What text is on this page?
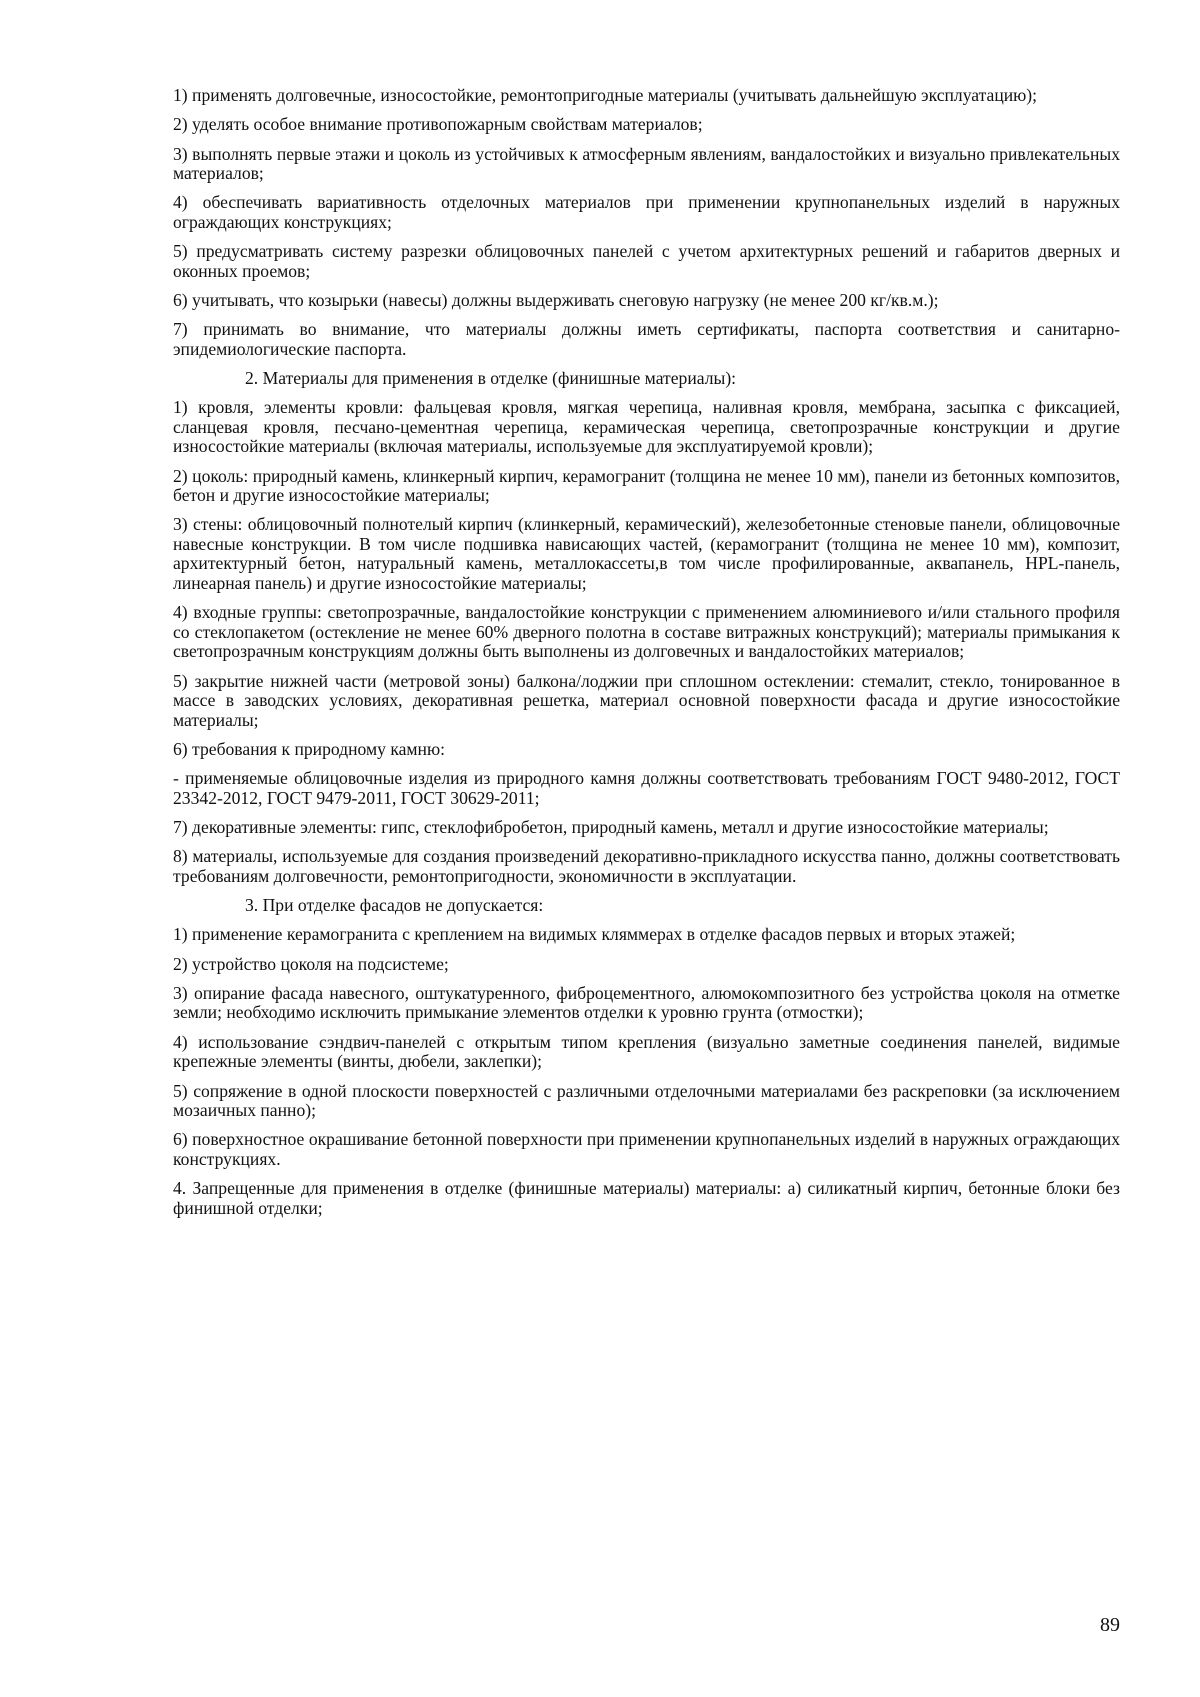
1) применять долговечные, износостойкие, ремонтопригодные материалы (учитывать дальнейшую эксплуатацию);

2) уделять особое внимание противопожарным свойствам материалов;

3) выполнять первые этажи и цоколь из устойчивых к атмосферным явлениям, вандалостойких и визуально привлекательных материалов;

4) обеспечивать вариативность отделочных материалов при применении крупнопанельных изделий в наружных ограждающих конструкциях;

5) предусматривать систему разрезки облицовочных панелей с учетом архитектурных решений и габаритов дверных и оконных проемов;

6) учитывать, что козырьки (навесы) должны выдерживать снеговую нагрузку (не менее 200 кг/кв.м.);

7) принимать во внимание, что материалы должны иметь сертификаты, паспорта соответствия и санитарно-эпидемиологические паспорта.

2. Материалы для применения в отделке (финишные материалы):

1) кровля, элементы кровли: фальцевая кровля, мягкая черепица, наливная кровля, мембрана, засыпка с фиксацией, сланцевая кровля, песчано-цементная черепица, керамическая черепица, светопрозрачные конструкции и другие износостойкие материалы (включая материалы, используемые для эксплуатируемой кровли);

2) цоколь: природный камень, клинкерный кирпич, керамогранит (толщина не менее 10 мм), панели из бетонных композитов, бетон и другие износостойкие материалы;

3) стены: облицовочный полнотелый кирпич (клинкерный, керамический), железобетонные стеновые панели, облицовочные навесные конструкции. В том числе подшивка нависающих частей, (керамогранит (толщина не менее 10 мм), композит, архитектурный бетон, натуральный камень, металлокассеты,в том числе профилированные, аквапанель, HPL-панель, линеарная панель) и другие износостойкие материалы;

4) входные группы: светопрозрачные, вандалостойкие конструкции с применением алюминиевого и/или стального профиля со стеклопакетом (остекление не менее 60% дверного полотна в составе витражных конструкций); материалы примыкания к светопрозрачным конструкциям должны быть выполнены из долговечных и вандалостойких материалов;

5) закрытие нижней части (метровой зоны) балкона/лоджии при сплошном остеклении: стемалит, стекло, тонированное в массе в заводских условиях, декоративная решетка, материал основной поверхности фасада и другие износостойкие материалы;

6) требования к природному камню:

- применяемые облицовочные изделия из природного камня должны соответствовать требованиям ГОСТ 9480-2012, ГОСТ 23342-2012, ГОСТ 9479-2011, ГОСТ 30629-2011;

7) декоративные элементы: гипс, стеклофибробетон, природный камень, металл и другие износостойкие материалы;

8) материалы, используемые для создания произведений декоративно-прикладного искусства панно, должны соответствовать требованиям долговечности, ремонтопригодности, экономичности в эксплуатации.

3. При отделке фасадов не допускается:

1) применение керамогранита с креплением на видимых кляммерах в отделке фасадов первых и вторых этажей;

2) устройство цоколя на подсистеме;

3) опирание фасада навесного, оштукатуренного, фиброцементного, алюмокомпозитного без устройства цоколя на отметке земли; необходимо исключить примыкание элементов отделки к уровню грунта (отмостки);

4) использование сэндвич-панелей с открытым типом крепления (визуально заметные соединения панелей, видимые крепежные элементы (винты, дюбели, заклепки);

5) сопряжение в одной плоскости поверхностей с различными отделочными материалами без раскреповки (за исключением мозаичных панно);

6) поверхностное окрашивание бетонной поверхности при применении крупнопанельных изделий в наружных ограждающих конструкциях.

4. Запрещенные для применения в отделке (финишные материалы) материалы: а) силикатный кирпич, бетонные блоки без финишной отделки;

89
